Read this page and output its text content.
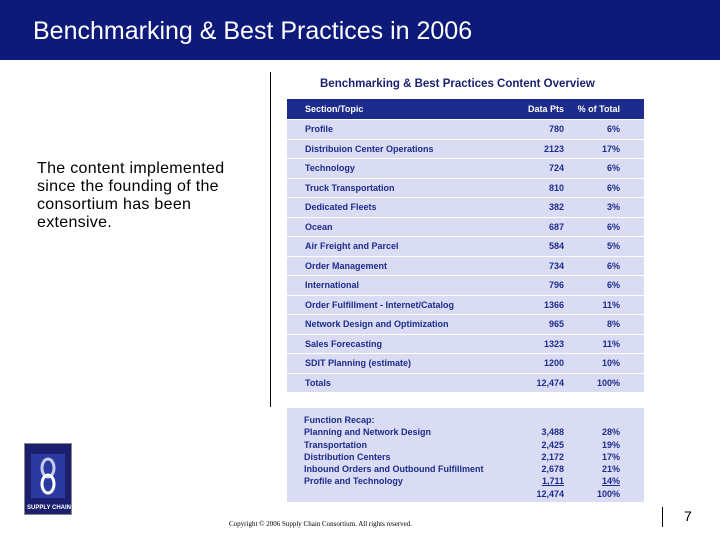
Benchmarking & Best Practices in 2006
The content implemented since the founding of the consortium has been extensive.
Benchmarking & Best Practices Content Overview
Section/Topic	Data Pts	% of Total
Profile	780	6%
Distribuion Center Operations	2123	17%
Technology	724	6%
Truck Transportation	810	6%
Dedicated Fleets	382	3%
Ocean	687	6%
Air Freight and Parcel	584	5%
Order Management	734	6%
International	796	6%
Order Fulfillment - Internet/Catalog	1366	11%
Network Design and Optimization	965	8%
Sales Forecasting	1323	11%
SDIT Planning (estimate)	1200	10%
Totals	12,474	100%
Function Recap:
Planning and Network Design	3,488	28%
Transportation	2,425	19%
Distribution Centers	2,172	17%
Inbound Orders and Outbound Fulfillment	2,678	21%
Profile and Technology	1,711	14%
12,474	100%
SUPPLY CHAIN
Copyright © 2006 Supply Chain Consortium. All rights reserved.	7
